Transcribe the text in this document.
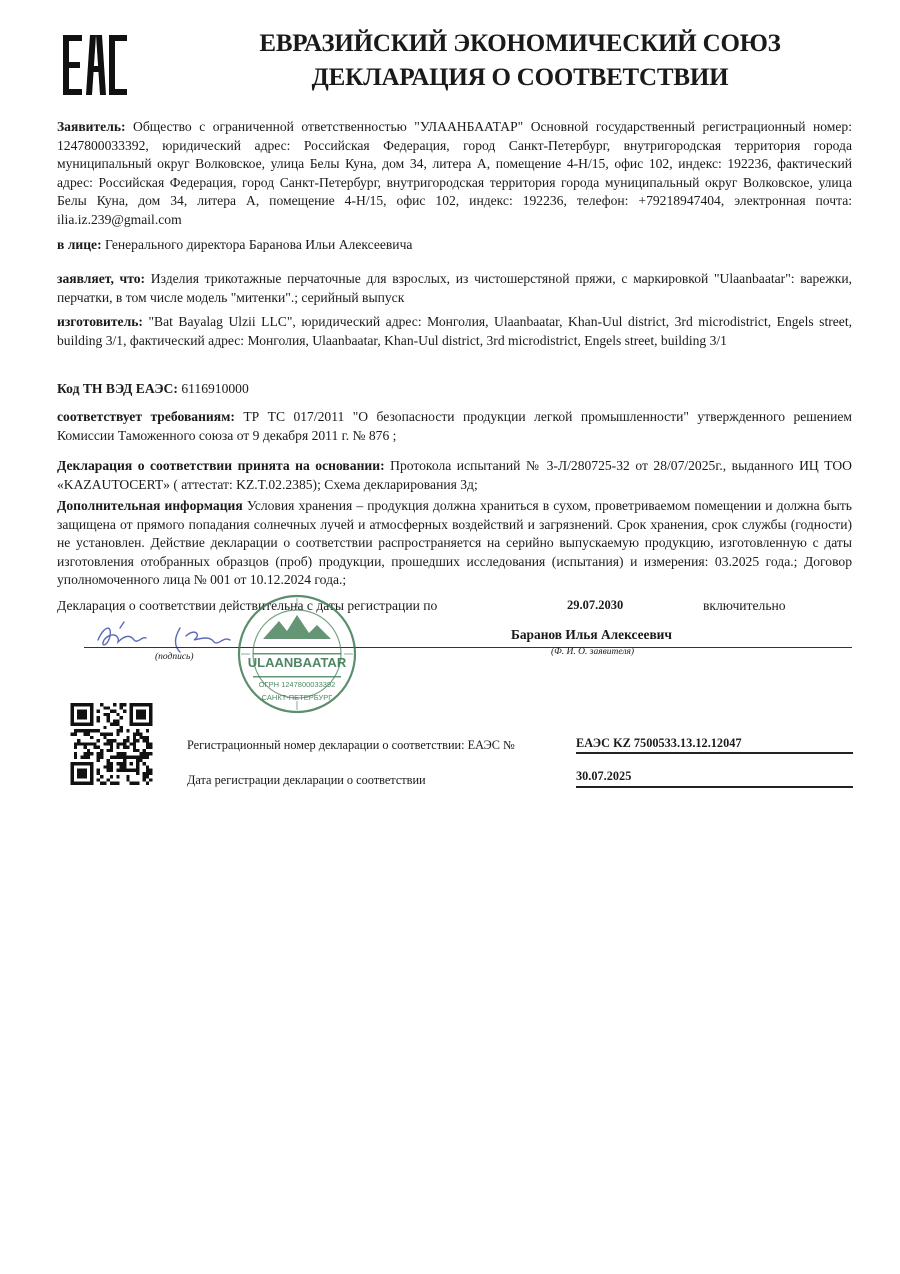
ЕВРАЗИЙСКИЙ ЭКОНОМИЧЕСКИЙ СОЮЗ
ДЕКЛАРАЦИЯ О СООТВЕТСТВИИ
Заявитель: Общество с ограниченной ответственностью "УЛААНБААТАР" Основной государственный регистрационный номер: 1247800033392, юридический адрес: Российская Федерация, город Санкт-Петербург, внутригородская территория города муниципальный округ Волковское, улица Белы Куна, дом 34, литера А, помещение 4-Н/15, офис 102, индекс: 192236, фактический адрес: Российская Федерация, город Санкт-Петербург, внутригородская территория города муниципальный округ Волковское, улица Белы Куна, дом 34, литера А, помещение 4-Н/15, офис 102, индекс: 192236, телефон: +79218947404, электронная почта: ilia.iz.239@gmail.com
в лице: Генерального директора Баранова Ильи Алексеевича
заявляет, что: Изделия трикотажные перчаточные для взрослых, из чистошерстяной пряжи, с маркировкой "Ulaanbaatar": варежки, перчатки, в том числе модель "митенки".; серийный выпуск
изготовитель: "Bat Bayalag Ulzii LLC", юридический адрес: Монголия, Ulaanbaatar, Khan-Uul district, 3rd microdistrict, Engels street, building 3/1, фактический адрес: Монголия, Ulaanbaatar, Khan-Uul district, 3rd microdistrict, Engels street, building 3/1
Код ТН ВЭД ЕАЭС: 6116910000
соответствует требованиям: ТР ТС 017/2011 "О безопасности продукции легкой промышленности" утвержденного решением Комиссии Таможенного союза от 9 декабря 2011 г. № 876 ;
Декларация о соответствии принята на основании: Протокола испытаний № 3-Л/280725-32 от 28/07/2025г., выданного ИЦ ТОО «KAZAUTOCERT» ( аттестат: KZ.T.02.2385); Схема декларирования 3д;
Дополнительная информация Условия хранения – продукция должна храниться в сухом, проветриваемом помещении и должна быть защищена от прямого попадания солнечных лучей и атмосферных воздействий и загрязнений. Срок хранения, срок службы (годности) не установлен. Действие декларации о соответствии распространяется на серийно выпускаемую продукцию, изготовленную с даты изготовления отобранных образцов (проб) продукции, прошедших исследования (испытания) и измерения: 03.2025 года.; Договор уполномоченного лица № 001 от 10.12.2024 года.;
Декларация о соответствии действительна с даты регистрации по	29.07.2030	включительно
Баранов Илья Алексеевич
(подпись)	(Ф. И. О. заявителя)
ULAANBAATAR
ОГРН 1247800033392
САНКТ-ПЕТЕРБУРГ
Регистрационный номер декларации о соответствии: ЕАЭС №	ЕАЭС KZ 7500533.13.12.12047
Дата регистрации декларации о соответствии	30.07.2025
